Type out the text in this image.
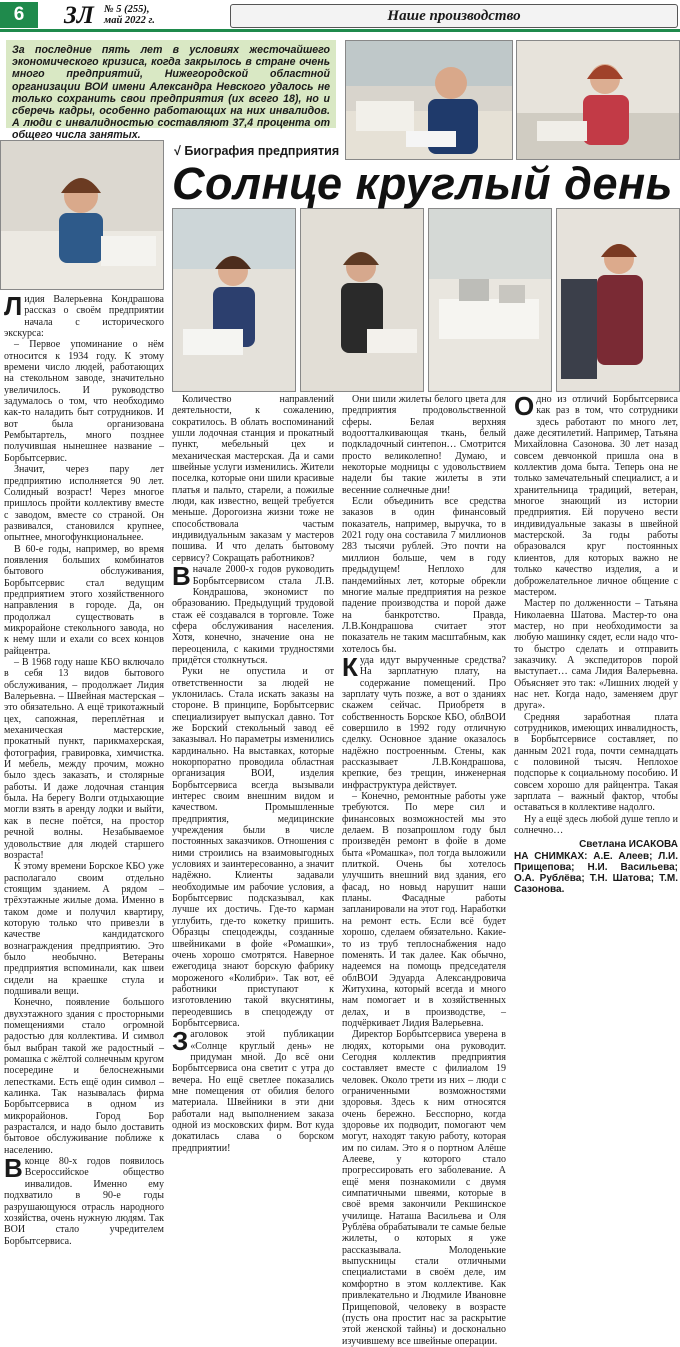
6	ЗЛ № 5 (255),
май 2022 г.	Наше производство
За последние пять лет в условиях жесточайшего экономического кризиса, когда закрылось в стране очень много предприятий, Нижегородской областной организации ВОИ имени Александра Невского удалось не только сохранить свои предприятия (их всего 18), но и сберечь кадры, особенно работающих на них инвалидов. А люди с инвалидностью составляют 37,4 процента от общего числа занятых.
√ Биография предприятия
Солнце круглый день

Лидия Валерьевна Кондрашова рассказ о своём предприятии начала с исторического экскурса:

– Первое упоминание о нём относится к 1934 году. К этому времени число людей, работающих на стекольном заводе, значительно увеличилось. И руководство задумалось о том, что необходимо как-то наладить быт сотрудников. И вот была организована Рембытартель, много позднее получившая нынешнее название – Борбытсервис.

Значит, через пару лет предприятию исполняется 90 лет. Солидный возраст! Через многое пришлось пройти коллективу вместе с заводом, вместе со страной. Он развивался, становился крупнее, опытнее, многофункциональнее.

В 60-е годы, например, во время появления больших комбинатов бытового обслуживания, Борбытсервис стал ведущим предприятием этого хозяйственного направления в городе. Да, он продолжал существовать в микрорайоне стекольного завода, но к нему шли и ехали со всех концов райцентра.

– В 1968 году наше КБО включало в себя 13 видов бытового обслуживания, – продолжает Лидия Валерьевна. – Швейная мастерская – это обязательно. А ещё трикотажный цех, сапожная, переплётная и механическая мастерские, прокатный пункт, парикмахерская, фотография, гравировка, химчистка. И мебель, между прочим, можно было здесь заказать, и столярные работы. И даже лодочная станция была. На берегу Волги отдыхающие могли взять в аренду лодки и выйти, как в песне поётся, на простор речной волны. Незабываемое удовольствие для людей старшего возраста!

К этому времени Борское КБО уже располагало своим отдельно стоящим зданием. А рядом – трёхэтажные жилые дома. Именно в таком доме и получил квартиру, которую только что привезли в качестве кандидатского вознаграждения предприятию. Это было необычно. Ветераны предприятия вспоминали, как швеи сидели на краешке стула и подшивали вещи.

Конечно, появление большого двухэтажного здания с просторными помещениями стало огромной радостью для коллектива. И символ был выбран такой же радостный – ромашка с жёлтой солнечным кругом посередине и белоснежными лепестками. Есть ещё один символ – калинка. Так называлась фирма Борбытсервиса в одном из микрорайонов. Город Бор разрастался, и надо было доставить бытовое обслуживание поближе к населению.

Вконце 80-х годов появилось Всероссийское общество инвалидов. Именно ему подхватило в 90-е годы разрушающуюся отрасль народного хозяйства, очень нужную людям. Так ВОИ стало учредителем Борбытсервиса.

Количество направлений деятельности, к сожалению, сократилось. В облать воспоминаний ушли лодочная станция и прокатный пункт, мебельный цех и механическая мастерская. Да и сами швейные услуги изменились. Жители поселка, которые они шили красивые платья и пальто, старели, а пожилые люди, как известно, вещей требуется меньше. Дорогоизна жизни тоже не способствовала частым индивидуальным заказам у мастеров пошива. И что делать бытовому сервису? Сокращать работников?

Вначале 2000-х годов руководить Борбытсервисом стала Л.В. Кондрашова, экономист по образованию. Предыдущий трудовой стаж её создавался в торговле. Тоже сфера обслуживания населения. Хотя, конечно, значение она не переоценила, с какими трудностями придётся столкнуться.

Руки не опустила и от ответственности за людей не уклонилась. Стала искать заказы на стороне. В принципе, Борбытсервис специализирует выпускал давно. Тот же Борский стекольный завод её заказывал. Но параметры изменились кардинально. На выставках, которые нокорпоратно проводила областная организация ВОИ, изделия Борбытсервиса всегда вызывали интерес своим внешним видом и качеством. Промышленные предприятия, медицинские учреждения были в числе постоянных заказчиков. Отношения с ними строились на взаимовыгодных условиях и заинтересованно, а значит надёжно. Клиенты задавали необходимые им рабочие условия, а Борбытсервис подсказывал, как лучше их достичь. Где-то карман углубить, где-то кокетку пришить. Образцы спецодежды, созданные швейниками в фойе «Ромашки», очень хорошо смотрятся. Наверное ежегодица знают борскую фабрику мороженого «Колибри». Так вот, её работники приступают к изготовлению такой вкуснятины, переодевшись в спецодежду от Борбытсервиса.

Заголовок этой публикации «Солнце круглый день» не придуман мной. До всё они Борбытсервиса она светит с утра до вечера. Но ещё светлее показались мне помещения от обилия белого материала. Швейники в эти дни работали над выполнением заказа одной из московских фирм. Вот куда докатилась слава о борском предприятии!

Они шили жилеты белого цвета для предприятия продовольственной сферы. Белая верхняя водоотталкивающая ткань, белый подкладочный синтепон… Смотрится просто великолепно! Думаю, и некоторые модницы с удовольствием надели бы такие жилеты в эти весенние солнечные дни!

Если объединить все средства заказов в один финансовый показатель, например, выручка, то в 2021 году она составила 7 миллионов 283 тысячи рублей. Это почти на миллион больше, чем в году предыдущем! Неплохо для пандемийных лет, которые обрекли многие малые предприятия на резкое падение производства и порой даже на банкротство. Правда, Л.В.Кондрашова считает этот показатель не таким масштабным, как хотелось бы.

Куда идут вырученные средства? На зарплатную плату, на содержание помещений. Про зарплату чуть позже, а вот о зданиях скажем сейчас. Приобретя в собственность Борское КБО, облВОИ совершило в 1992 году отличную сделку. Основное здание оказалось надёжно построенным. Стены, как рассказывает Л.В.Кондрашова, крепкие, без трещин, инженерная инфраструктура действует.

– Конечно, ремонтные работы уже требуются. По мере сил и финансовых возможностей мы это делаем. В позапрошлом году был произведён ремонт в фойе в доме быта «Ромашка», пол тогда выложили плиткой. Очень бы хотелось улучшить внешний вид здания, его фасад, но новыд нарушит наши планы. Фасадные работы запланировали на этот год. Наработки на ремонт есть. Если всё будет хорошо, сделаем обязательно. Какие-то из труб теплоснабжения надо поменять. И так далее. Как обычно, надеемся на помощь председателя облВОИ Эдуарда Александровича Житухина, который всегда и много нам помогает и в хозяйственных делах, и в производстве, – подчёркивает Лидия Валерьевна.

Директор Борбытсервиса уверена в людях, которыми она руководит. Сегодня коллектив предприятия составляет вместе с филиалом 19 человек. Около трети из них – люди с ограниченными возможностями здоровья. Здесь к ним относятся очень бережно. Бесспорно, когда здоровье их подводит, помогают чем могут, находят такую работу, которая им по силам. Это я о портном Алёше Алееве, у которого стало прогрессировать его заболевание. А ещё меня познакомили с двумя симпатичными швеями, которые в своё время закончили Рекшинское училище. Наташа Васильева и Оля Рублёва обрабатывали те самые белые жилеты, о которых я уже рассказывала. Молоденькие выпускницы стали отличными специалистами в своём деле, им комфортно в этом коллективе. Как привлекательно и Людмиле Ивановне Прищеповой, человеку в возрасте (пусть она простит нас за раскрытие этой женской тайны) и досконально изучившему все швейные операции.

Одно из отличий Борбытсервиса как раз в том, что сотрудники здесь работают по много лет, даже десятилетий. Например, Татьяна Михайловна Сазонова. 30 лет назад совсем девчонкой пришла она в коллектив дома быта. Теперь она не только замечательный специалист, а и хранительница традиций, ветеран, многое знающий из истории предприятия. Ей поручено вести индивидуальные заказы в швейной мастерской. За годы работы образовался круг постоянных клиентов, для которых важно не только качество изделия, а и доброжелательное личное общение с мастером.

Мастер по долженности – Татьяна Николаевна Шатова. Мастер-то она мастер, но при необходимости за любую машинку сядет, если надо что-то быстро сделать и отправить заказчику. А экспедиторов порой выступает… сама Лидия Валерьевна. Объясняет это так: «Лишних людей у нас нет. Когда надо, заменяем друг друга».

Средняя заработная плата сотрудников, имеющих инвалидность, в Борбытсервисе составляет, по данным 2021 года, почти семнадцать с половиной тысяч. Неплохое подспорье к социальному пособию. И совсем хорошо для райцентра. Такая зарплата – важный фактор, чтобы оставаться в коллективе надолго.

Ну а ещё здесь любой душе тепло и солнечно…

Светлана ИСАКОВА
НА СНИМКАХ: А.Е. Алеев; Л.И. Прищепова; Н.И. Васильева; О.А. Рублёва; Т.Н. Шатова; Т.М. Сазонова.
